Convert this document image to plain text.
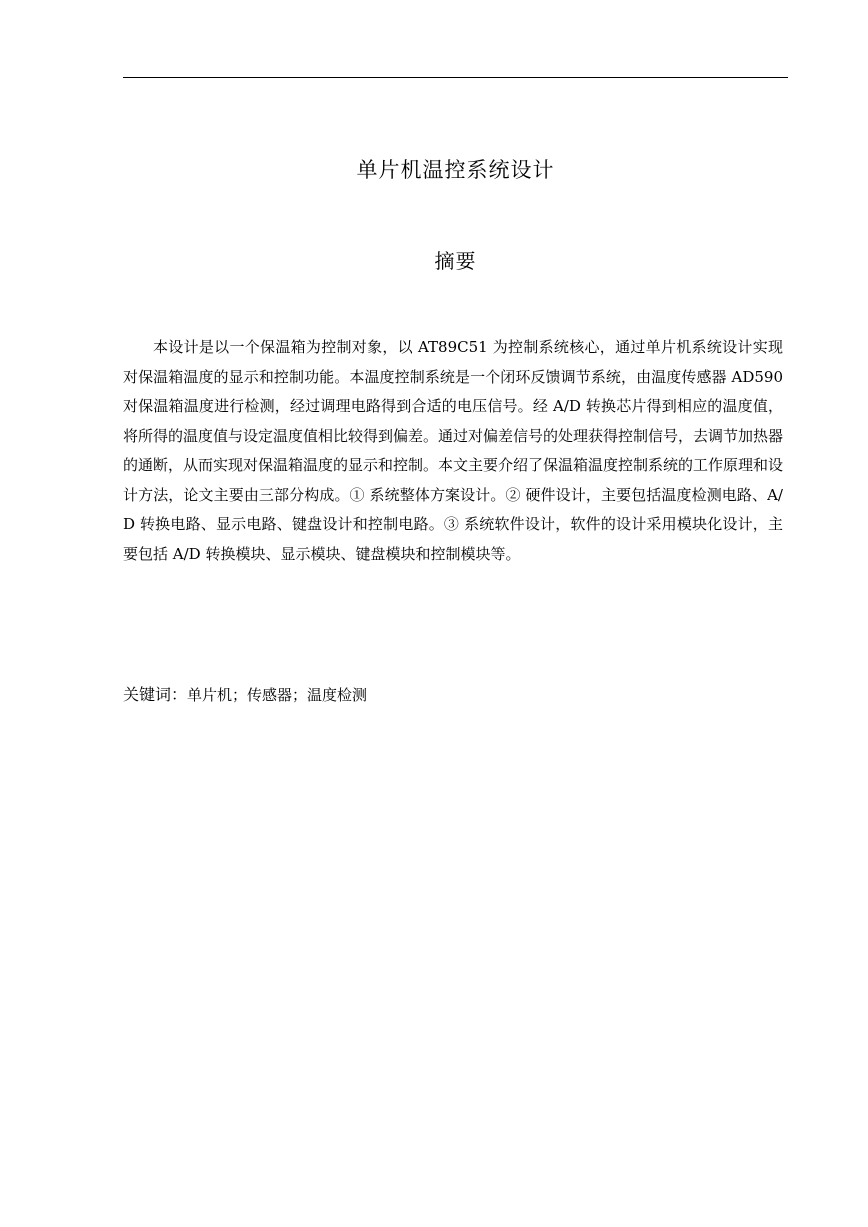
单片机温控系统设计
摘要

本设计是以一个保温箱为控制对象，以 AT89C51 为控制系统核心，通过单片机系统设计实现对保温箱温度的显示和控制功能。本温度控制系统是一个闭环反馈调节系统，由温度传感器 AD590 对保温箱温度进行检测，经过调理电路得到合适的电压信号。经 A/D 转换芯片得到相应的温度值，将所得的温度值与设定温度值相比较得到偏差。通过对偏差信号的处理获得控制信号，去调节加热器的通断，从而实现对保温箱温度的显示和控制。本文主要介绍了保温箱温度控制系统的工作原理和设计方法，论文主要由三部分构成。① 系统整体方案设计。② 硬件设计，主要包括温度检测电路、A/D 转换电路、显示电路、键盘设计和控制电路。③ 系统软件设计，软件的设计采用模块化设计，主要包括 A/D 转换模块、显示模块、键盘模块和控制模块等。

关键词：单片机；传感器；温度检测
